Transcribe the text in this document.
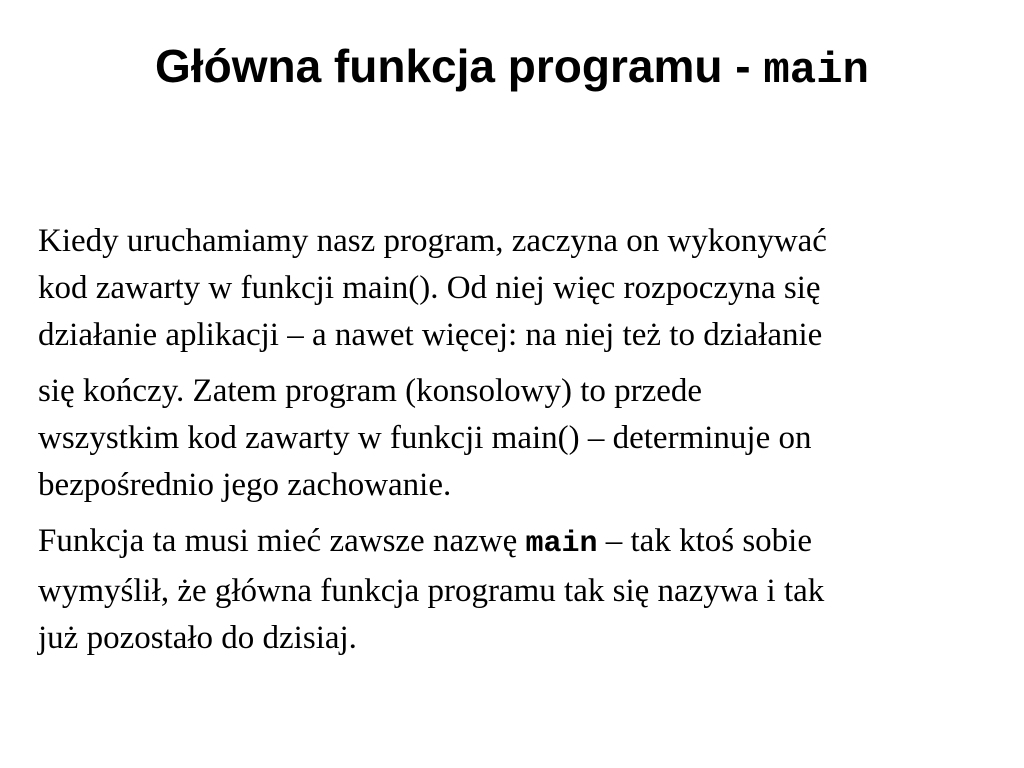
Główna funkcja programu - main

Kiedy uruchamiamy nasz program, zaczyna on wykonywać
kod zawarty w funkcji main(). Od niej więc rozpoczyna się
działanie aplikacji – a nawet więcej: na niej też to działanie

się kończy. Zatem program (konsolowy) to przede
wszystkim kod zawarty w funkcji main() – determinuje on
bezpośrednio jego zachowanie.

Funkcja ta musi mieć zawsze nazwę main – tak ktoś sobie
wymyślił, że główna funkcja programu tak się nazywa i tak
już pozostało do dzisiaj.
